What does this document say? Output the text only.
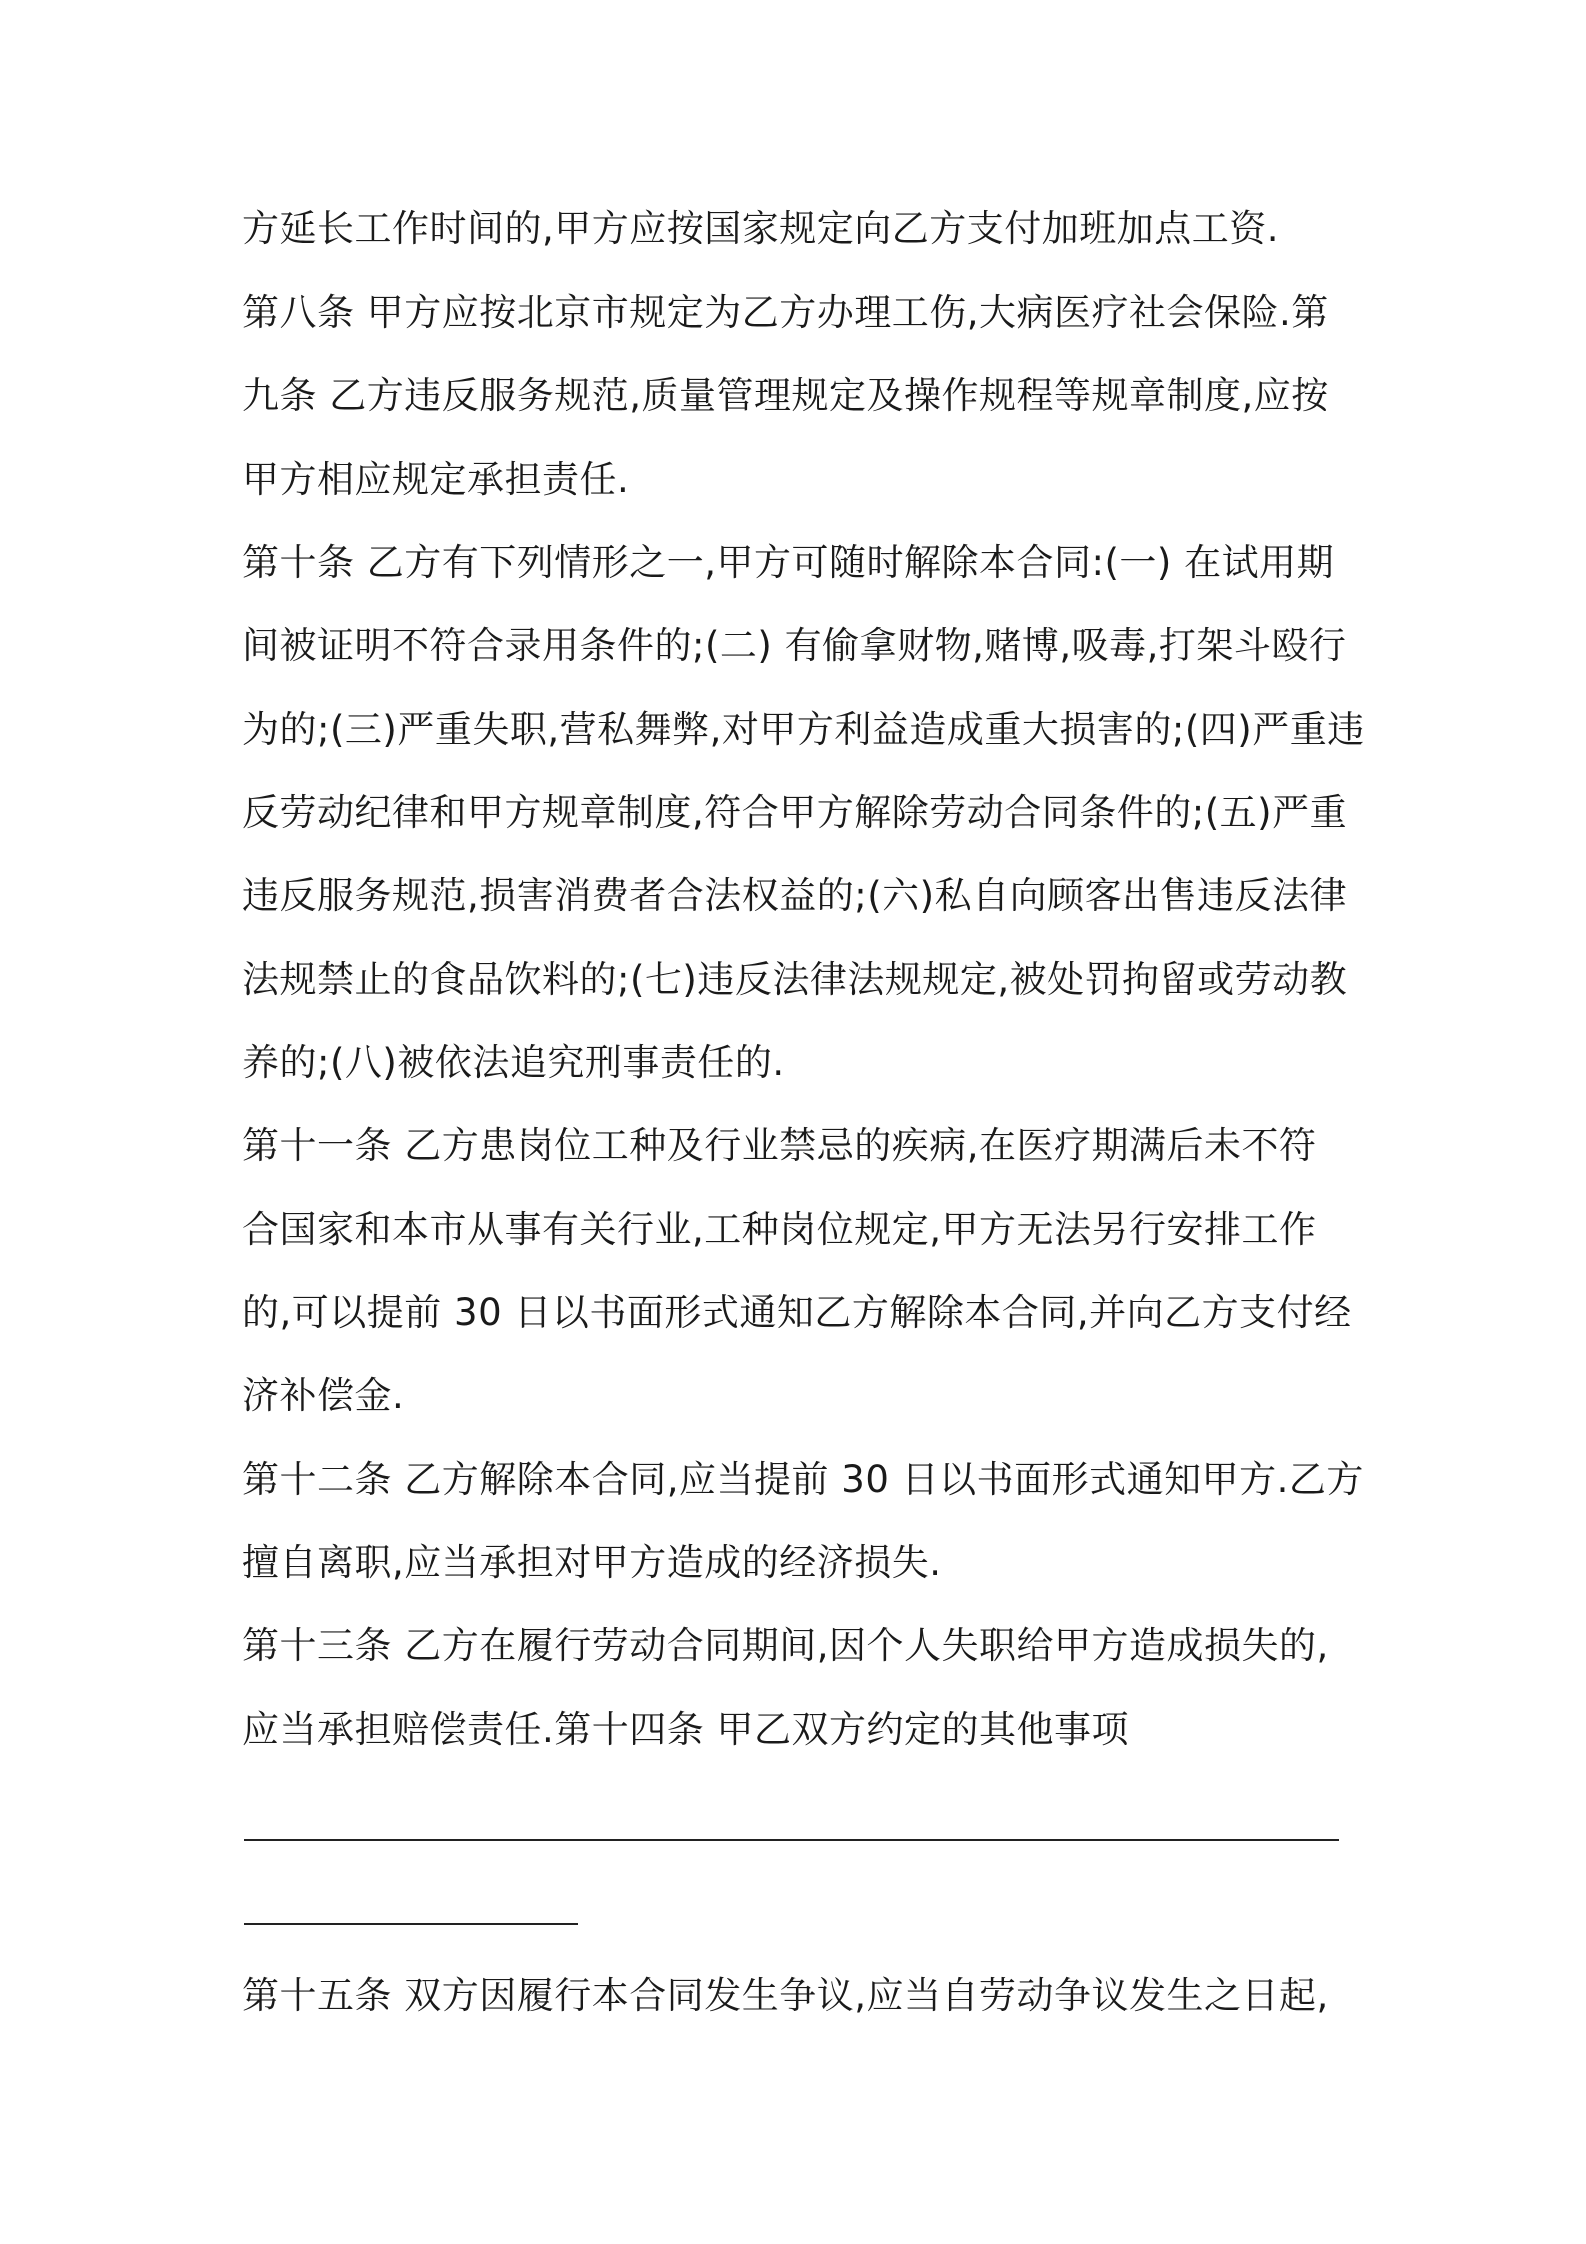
方延长工作时间的,甲方应按国家规定向乙方支付加班加点工资.
第八条 甲方应按北京市规定为乙方办理工伤,大病医疗社会保险.第
九条 乙方违反服务规范,质量管理规定及操作规程等规章制度,应按
甲方相应规定承担责任.
第十条 乙方有下列情形之一,甲方可随时解除本合同:(一) 在试用期
间被证明不符合录用条件的;(二) 有偷拿财物,赌博,吸毒,打架斗殴行
为的;(三)严重失职,营私舞弊,对甲方利益造成重大损害的;(四)严重违
反劳动纪律和甲方规章制度,符合甲方解除劳动合同条件的;(五)严重
违反服务规范,损害消费者合法权益的;(六)私自向顾客出售违反法律
法规禁止的食品饮料的;(七)违反法律法规规定,被处罚拘留或劳动教
养的;(八)被依法追究刑事责任的.
第十一条 乙方患岗位工种及行业禁忌的疾病,在医疗期满后未不符
合国家和本市从事有关行业,工种岗位规定,甲方无法另行安排工作
的,可以提前 30 日以书面形式通知乙方解除本合同,并向乙方支付经
济补偿金.
第十二条 乙方解除本合同,应当提前 30 日以书面形式通知甲方.乙方
擅自离职,应当承担对甲方造成的经济损失.
第十三条 乙方在履行劳动合同期间,因个人失职给甲方造成损失的,
应当承担赔偿责任.第十四条 甲乙双方约定的其他事项
第十五条 双方因履行本合同发生争议,应当自劳动争议发生之日起,
